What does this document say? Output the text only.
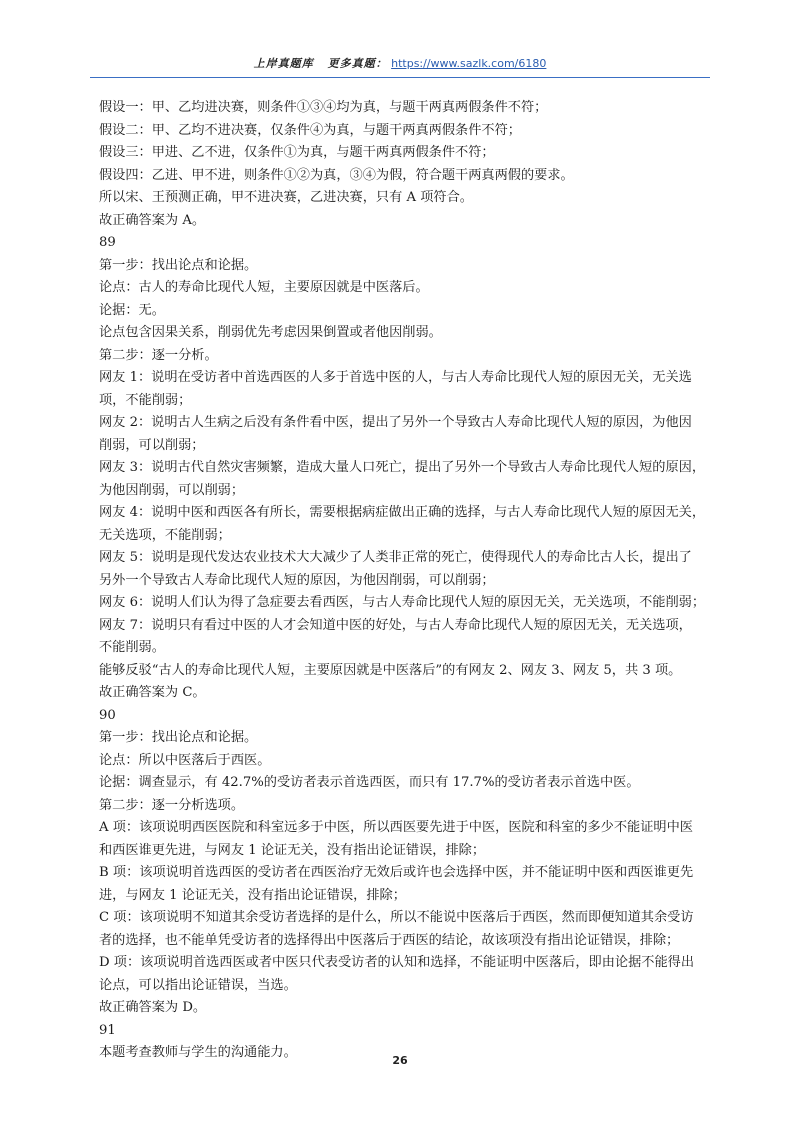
上岸真题库 更多真题： https://www.sazlk.com/6180

假设一：甲、乙均进决赛，则条件①③④均为真，与题干两真两假条件不符；

假设二：甲、乙均不进决赛，仅条件④为真，与题干两真两假条件不符；

假设三：甲进、乙不进，仅条件①为真，与题干两真两假条件不符；

假设四：乙进、甲不进，则条件①②为真，③④为假，符合题干两真两假的要求。

所以宋、王预测正确，甲不进决赛，乙进决赛，只有 A 项符合。

故正确答案为 A。

89

第一步：找出论点和论据。

论点：古人的寿命比现代人短，主要原因就是中医落后。

论据：无。

论点包含因果关系，削弱优先考虑因果倒置或者他因削弱。

第二步：逐一分析。

网友 1：说明在受访者中首选西医的人多于首选中医的人，与古人寿命比现代人短的原因无关，无关选

项，不能削弱；

网友 2：说明古人生病之后没有条件看中医，提出了另外一个导致古人寿命比现代人短的原因，为他因

削弱，可以削弱；

网友 3：说明古代自然灾害频繁，造成大量人口死亡，提出了另外一个导致古人寿命比现代人短的原因，

为他因削弱，可以削弱；

网友 4：说明中医和西医各有所长，需要根据病症做出正确的选择，与古人寿命比现代人短的原因无关，

无关选项，不能削弱；

网友 5：说明是现代发达农业技术大大减少了人类非正常的死亡，使得现代人的寿命比古人长，提出了

另外一个导致古人寿命比现代人短的原因，为他因削弱，可以削弱；

网友 6：说明人们认为得了急症要去看西医，与古人寿命比现代人短的原因无关，无关选项，不能削弱；

网友 7：说明只有看过中医的人才会知道中医的好处，与古人寿命比现代人短的原因无关，无关选项，

不能削弱。

能够反驳“古人的寿命比现代人短，主要原因就是中医落后”的有网友 2、网友 3、网友 5，共 3 项。

故正确答案为 C。

90

第一步：找出论点和论据。

论点：所以中医落后于西医。

论据：调查显示，有 42.7%的受访者表示首选西医，而只有 17.7%的受访者表示首选中医。

第二步：逐一分析选项。

A 项：该项说明西医医院和科室远多于中医，所以西医要先进于中医，医院和科室的多少不能证明中医

和西医谁更先进，与网友 1 论证无关，没有指出论证错误，排除；

B 项：该项说明首选西医的受访者在西医治疗无效后或许也会选择中医，并不能证明中医和西医谁更先

进，与网友 1 论证无关，没有指出论证错误，排除；

C 项：该项说明不知道其余受访者选择的是什么，所以不能说中医落后于西医，然而即便知道其余受访

者的选择，也不能单凭受访者的选择得出中医落后于西医的结论，故该项没有指出论证错误，排除；

D 项：该项说明首选西医或者中医只代表受访者的认知和选择，不能证明中医落后，即由论据不能得出

论点，可以指出论证错误，当选。

故正确答案为 D。

91

本题考查教师与学生的沟通能力。

26
